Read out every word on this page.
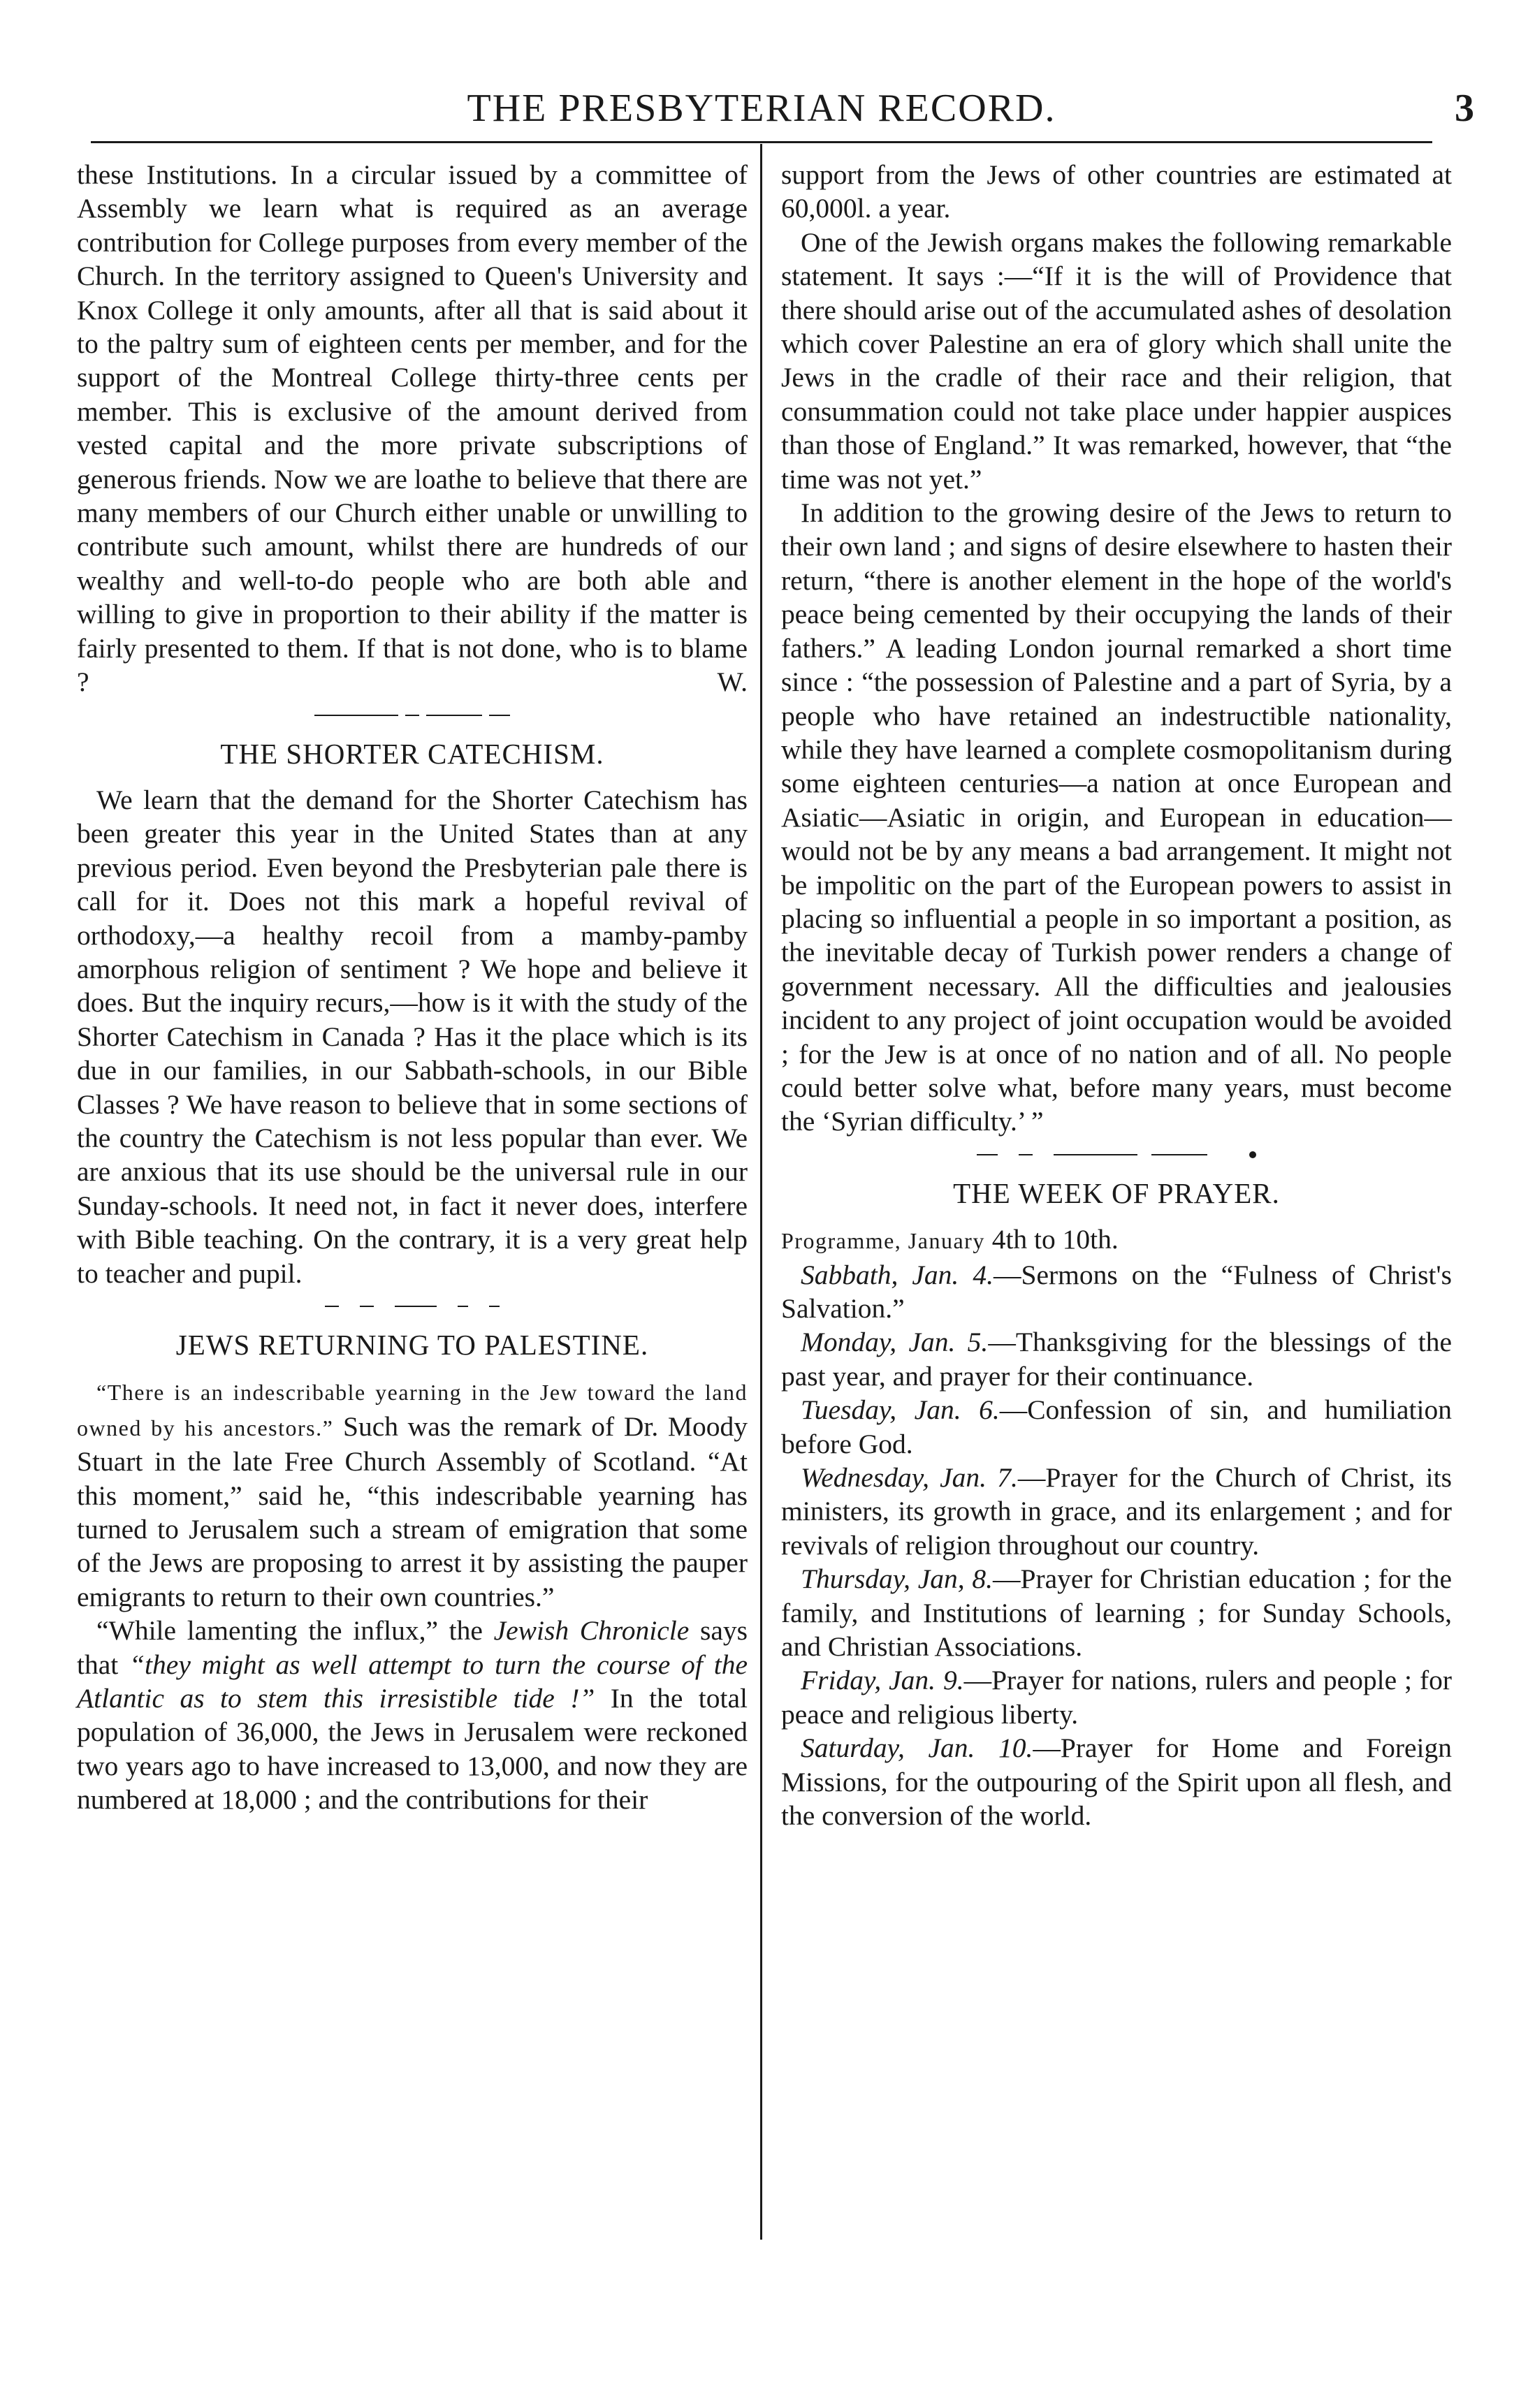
THE PRESBYTERIAN RECORD.	3

these Institutions. In a circular issued by a committee of Assembly we learn what is required as an average contribution for College purposes from every member of the Church. In the territory assigned to Queen's University and Knox College it only amounts, after all that is said about it to the paltry sum of eighteen cents per member, and for the support of the Montreal College thirty-three cents per member. This is exclusive of the amount derived from vested capital and the more private subscriptions of generous friends. Now we are loathe to believe that there are many members of our Church either unable or unwilling to contribute such amount, whilst there are hundreds of our wealthy and well-to-do people who are both able and willing to give in proportion to their ability if the matter is fairly presented to them. If that is not done, who is to blame ?	W.

THE SHORTER CATECHISM.

We learn that the demand for the Shorter Catechism has been greater this year in the United States than at any previous period. Even beyond the Presbyterian pale there is call for it. Does not this mark a hopeful revival of orthodoxy,—a healthy recoil from a mamby-pamby amorphous religion of sentiment ? We hope and believe it does. But the inquiry recurs,—how is it with the study of the Shorter Catechism in Canada ? Has it the place which is its due in our families, in our Sabbath-schools, in our Bible Classes ? We have reason to believe that in some sections of the country the Catechism is not less popular than ever. We are anxious that its use should be the universal rule in our Sunday-schools. It need not, in fact it never does, interfere with Bible teaching. On the contrary, it is a very great help to teacher and pupil.

JEWS RETURNING TO PALESTINE.

“There is an indescribable yearning in the Jew toward the land owned by his ancestors.” Such was the remark of Dr. Moody Stuart in the late Free Church Assembly of Scotland. “At this moment,” said he, “this indescribable yearning has turned to Jerusalem such a stream of emigration that some of the Jews are proposing to arrest it by assisting the pauper emigrants to return to their own countries.”

“While lamenting the influx,” the Jewish Chronicle says that “they might as well attempt to turn the course of the Atlantic as to stem this irresistible tide !” In the total population of 36,000, the Jews in Jerusalem were reckoned two years ago to have increased to 13,000, and now they are numbered at 18,000 ; and the contributions for their

support from the Jews of other countries are estimated at 60,000l. a year.

One of the Jewish organs makes the following remarkable statement. It says :—“If it is the will of Providence that there should arise out of the accumulated ashes of desolation which cover Palestine an era of glory which shall unite the Jews in the cradle of their race and their religion, that consummation could not take place under happier auspices than those of England.” It was remarked, however, that “the time was not yet.”

In addition to the growing desire of the Jews to return to their own land ; and signs of desire elsewhere to hasten their return, “there is another element in the hope of the world's peace being cemented by their occupying the lands of their fathers.” A leading London journal remarked a short time since : “the possession of Palestine and a part of Syria, by a people who have retained an indestructible nationality, while they have learned a complete cosmopolitanism during some eighteen centuries—a nation at once European and Asiatic—Asiatic in origin, and European in education—would not be by any means a bad arrangement. It might not be impolitic on the part of the European powers to assist in placing so influential a people in so important a position, as the inevitable decay of Turkish power renders a change of government necessary. All the difficulties and jealousies incident to any project of joint occupation would be avoided ; for the Jew is at once of no nation and of all. No people could better solve what, before many years, must become the ‘Syrian difficulty.’ ”

THE WEEK OF PRAYER.

Programme, January 4th to 10th.

Sabbath, Jan. 4.—Sermons on the “Fulness of Christ's Salvation.”

Monday, Jan. 5.—Thanksgiving for the blessings of the past year, and prayer for their continuance.

Tuesday, Jan. 6.—Confession of sin, and humiliation before God.

Wednesday, Jan. 7.—Prayer for the Church of Christ, its ministers, its growth in grace, and its enlargement ; and for revivals of religion throughout our country.

Thursday, Jan, 8.—Prayer for Christian education ; for the family, and Institutions of learning ; for Sunday Schools, and Christian Associations.

Friday, Jan. 9.—Prayer for nations, rulers and people ; for peace and religious liberty.

Saturday, Jan. 10.—Prayer for Home and Foreign Missions, for the outpouring of the Spirit upon all flesh, and the conversion of the world.
